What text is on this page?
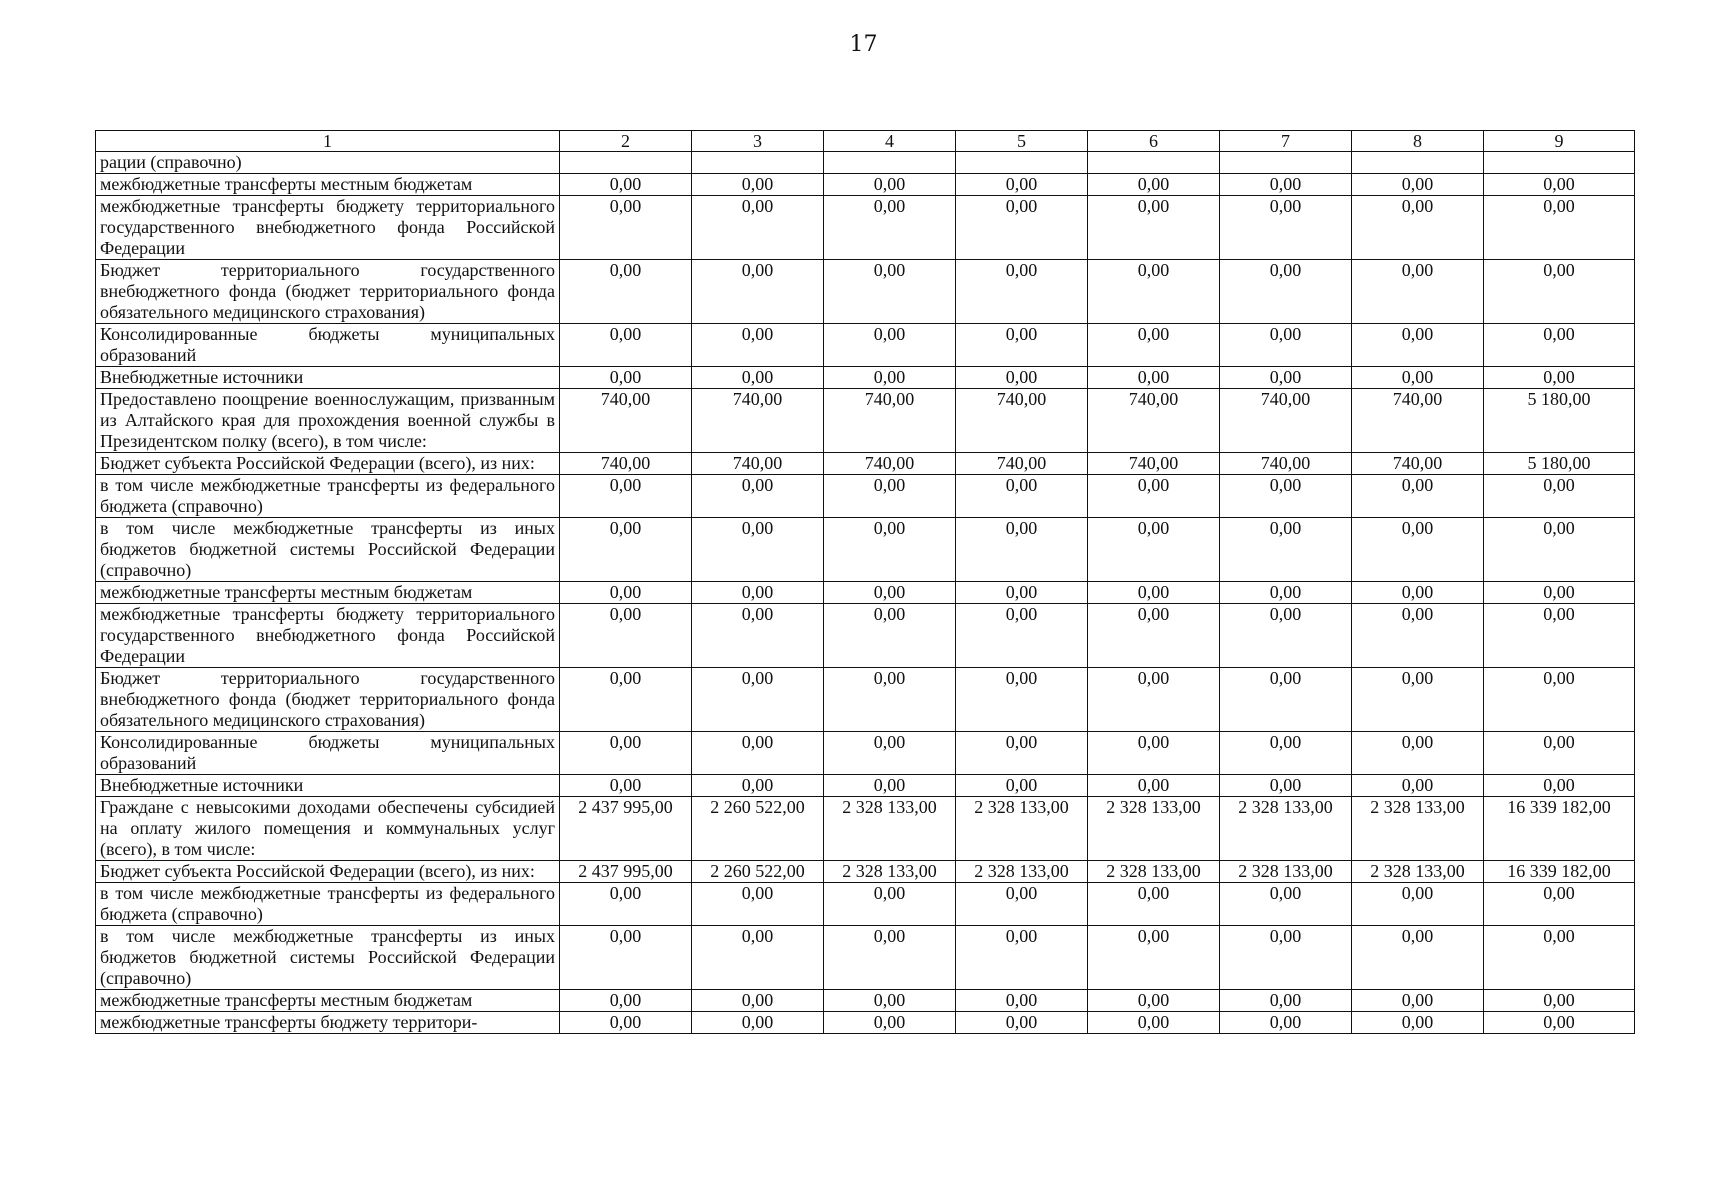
17
1	2	3	4	5	6	7	8	9
рации (справочно)								
межбюджетные трансферты местным бюджетам	0,00	0,00	0,00	0,00	0,00	0,00	0,00	0,00
межбюджетные трансферты бюджету территориального государственного внебюджетного фонда Российской Федерации	0,00	0,00	0,00	0,00	0,00	0,00	0,00	0,00
Бюджет территориального государственного внебюджетного фонда (бюджет территориального фонда обязательного медицинского страхования)	0,00	0,00	0,00	0,00	0,00	0,00	0,00	0,00
Консолидированные бюджеты муниципальных образований	0,00	0,00	0,00	0,00	0,00	0,00	0,00	0,00
Внебюджетные источники	0,00	0,00	0,00	0,00	0,00	0,00	0,00	0,00
Предоставлено поощрение военнослужащим, призванным из Алтайского края для прохождения военной службы в Президентском полку (всего), в том числе:	740,00	740,00	740,00	740,00	740,00	740,00	740,00	5 180,00
Бюджет субъекта Российской Федерации (всего), из них:	740,00	740,00	740,00	740,00	740,00	740,00	740,00	5 180,00
в том числе межбюджетные трансферты из федерального бюджета (справочно)	0,00	0,00	0,00	0,00	0,00	0,00	0,00	0,00
в том числе межбюджетные трансферты из иных бюджетов бюджетной системы Российской Федерации (справочно)	0,00	0,00	0,00	0,00	0,00	0,00	0,00	0,00
межбюджетные трансферты местным бюджетам	0,00	0,00	0,00	0,00	0,00	0,00	0,00	0,00
межбюджетные трансферты бюджету территориального государственного внебюджетного фонда Российской Федерации	0,00	0,00	0,00	0,00	0,00	0,00	0,00	0,00
Бюджет территориального государственного внебюджетного фонда (бюджет территориального фонда обязательного медицинского страхования)	0,00	0,00	0,00	0,00	0,00	0,00	0,00	0,00
Консолидированные бюджеты муниципальных образований	0,00	0,00	0,00	0,00	0,00	0,00	0,00	0,00
Внебюджетные источники	0,00	0,00	0,00	0,00	0,00	0,00	0,00	0,00
Граждане с невысокими доходами обеспечены субсидией на оплату жилого помещения и коммунальных услуг (всего), в том числе:	2 437 995,00	2 260 522,00	2 328 133,00	2 328 133,00	2 328 133,00	2 328 133,00	2 328 133,00	16 339 182,00
Бюджет субъекта Российской Федерации (всего), из них:	2 437 995,00	2 260 522,00	2 328 133,00	2 328 133,00	2 328 133,00	2 328 133,00	2 328 133,00	16 339 182,00
в том числе межбюджетные трансферты из федерального бюджета (справочно)	0,00	0,00	0,00	0,00	0,00	0,00	0,00	0,00
в том числе межбюджетные трансферты из иных бюджетов бюджетной системы Российской Федерации (справочно)	0,00	0,00	0,00	0,00	0,00	0,00	0,00	0,00
межбюджетные трансферты местным бюджетам	0,00	0,00	0,00	0,00	0,00	0,00	0,00	0,00
межбюджетные трансферты бюджету территори-	0,00	0,00	0,00	0,00	0,00	0,00	0,00	0,00
